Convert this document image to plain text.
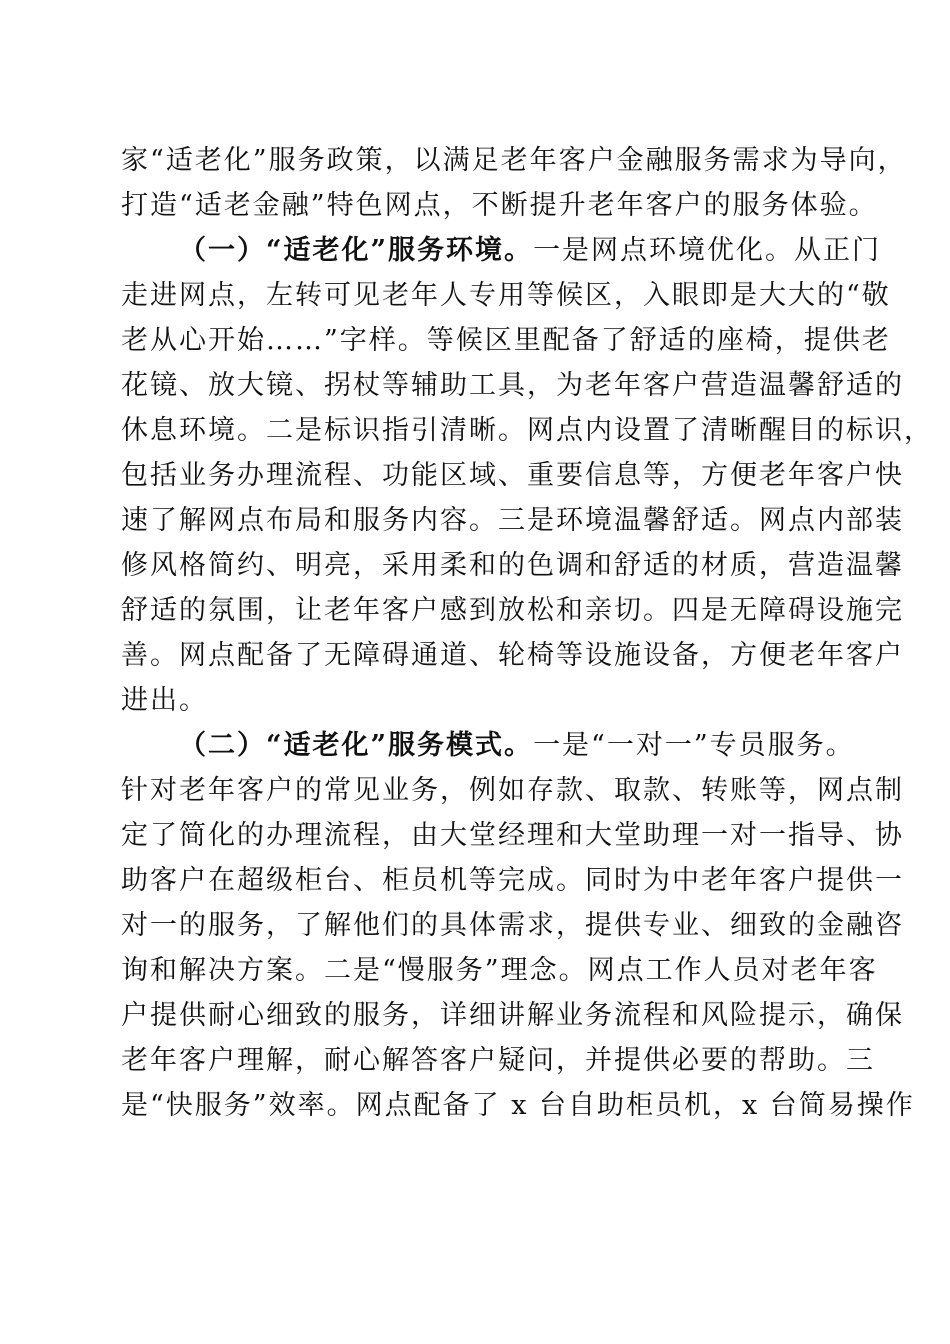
家“适老化”服务政策，以满足老年客户金融服务需求为导向，
打造“适老金融”特色网点，不断提升老年客户的服务体验。
（一）“适老化”服务环境。一是网点环境优化。从正门
走进网点，左转可见老年人专用等候区，入眼即是大大的“敬
老从心开始……”字样。等候区里配备了舒适的座椅，提供老
花镜、放大镜、拐杖等辅助工具，为老年客户营造温馨舒适的
休息环境。二是标识指引清晰。网点内设置了清晰醒目的标识，
包括业务办理流程、功能区域、重要信息等，方便老年客户快
速了解网点布局和服务内容。三是环境温馨舒适。网点内部装
修风格简约、明亮，采用柔和的色调和舒适的材质，营造温馨
舒适的氛围，让老年客户感到放松和亲切。四是无障碍设施完
善。网点配备了无障碍通道、轮椅等设施设备，方便老年客户
进出。
（二）“适老化”服务模式。一是“一对一”专员服务。
针对老年客户的常见业务，例如存款、取款、转账等，网点制
定了简化的办理流程，由大堂经理和大堂助理一对一指导、协
助客户在超级柜台、柜员机等完成。同时为中老年客户提供一
对一的服务，了解他们的具体需求，提供专业、细致的金融咨
询和解决方案。二是“慢服务”理念。网点工作人员对老年客
户提供耐心细致的服务，详细讲解业务流程和风险提示，确保
老年客户理解，耐心解答客户疑问，并提供必要的帮助。三
是“快服务”效率。网点配备了 x 台自助柜员机，x 台简易操作
